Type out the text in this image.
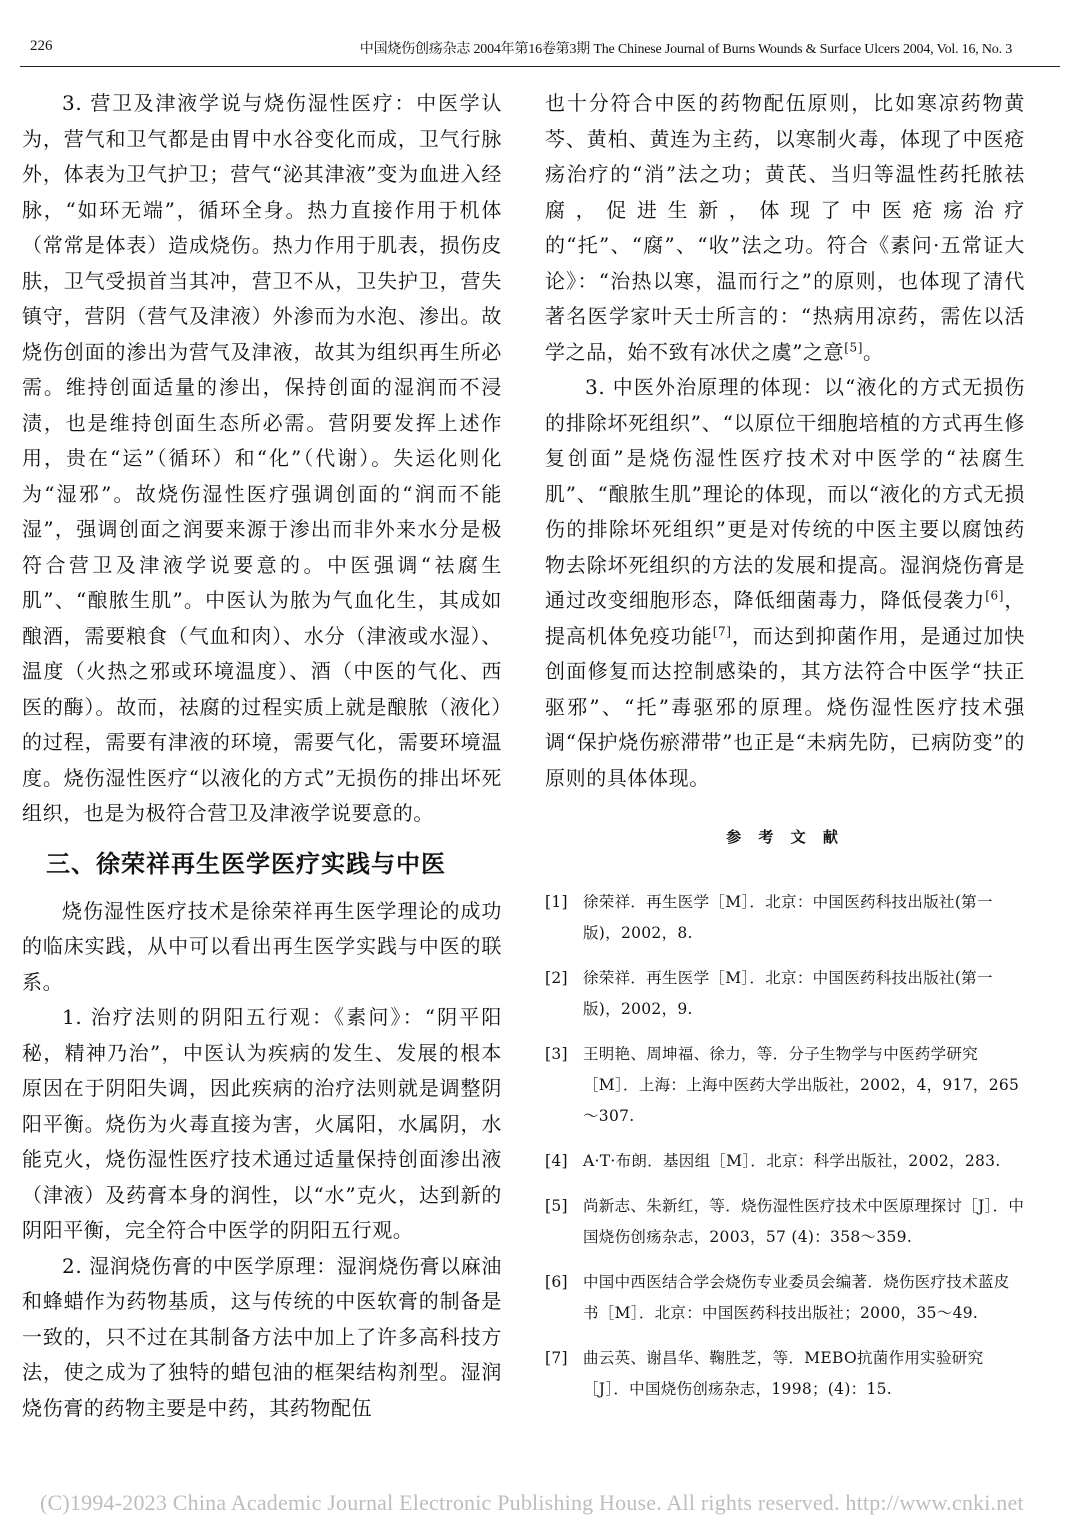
226	中国烧伤创疡杂志 2004年第16卷第3期 The Chinese Journal of Burns Wounds & Surface Ulcers 2004, Vol. 16, No. 3

3. 营卫及津液学说与烧伤湿性医疗：中医学认为，营气和卫气都是由胃中水谷变化而成，卫气行脉外，体表为卫气护卫；营气“泌其津液”变为血进入经脉，“如环无端”，循环全身。热力直接作用于机体（常常是体表）造成烧伤。热力作用于肌表，损伤皮肤，卫气受损首当其冲，营卫不从，卫失护卫，营失镇守，营阴（营气及津液）外渗而为水泡、渗出。故烧伤创面的渗出为营气及津液，故其为组织再生所必需。维持创面适量的渗出，保持创面的湿润而不浸渍，也是维持创面生态所必需。营阴要发挥上述作用，贵在“运”（循环）和“化”（代谢）。失运化则化为“湿邪”。故烧伤湿性医疗强调创面的“润而不能湿”，强调创面之润要来源于渗出而非外来水分是极符合营卫及津液学说要意的。中医强调“祛腐生肌”、“酿脓生肌”。中医认为脓为气血化生，其成如酿酒，需要粮食（气血和肉）、水分（津液或水湿）、温度（火热之邪或环境温度）、酒（中医的气化、西医的酶）。故而，祛腐的过程实质上就是酿脓（液化）的过程，需要有津液的环境，需要气化，需要环境温度。烧伤湿性医疗“以液化的方式”无损伤的排出坏死组织，也是为极符合营卫及津液学说要意的。

三、徐荣祥再生医学医疗实践与中医

烧伤湿性医疗技术是徐荣祥再生医学理论的成功的临床实践，从中可以看出再生医学实践与中医的联系。

1. 治疗法则的阴阳五行观：《素问》：“阴平阳秘，精神乃治”，中医认为疾病的发生、发展的根本原因在于阴阳失调，因此疾病的治疗法则就是调整阴阳平衡。烧伤为火毒直接为害，火属阳，水属阴，水能克火，烧伤湿性医疗技术通过适量保持创面渗出液（津液）及药膏本身的润性，以“水”克火，达到新的阴阳平衡，完全符合中医学的阴阳五行观。

2. 湿润烧伤膏的中医学原理：湿润烧伤膏以麻油和蜂蜡作为药物基质，这与传统的中医软膏的制备是一致的，只不过在其制备方法中加上了许多高科技方法，使之成为了独特的蜡包油的框架结构剂型。湿润烧伤膏的药物主要是中药，其药物配伍

也十分符合中医的药物配伍原则，比如寒凉药物黄芩、黄柏、黄连为主药，以寒制火毒，体现了中医疮疡治疗的“消”法之功；黄芪、当归等温性药托脓祛腐，促进生新，体现了中医疮疡治疗的“托”、“腐”、“收”法之功。符合《素问·五常证大论》：“治热以寒，温而行之”的原则，也体现了清代著名医学家叶天士所言的：“热病用凉药，需佐以活学之品，始不致有冰伏之虞”之意[5]。

3. 中医外治原理的体现：以“液化的方式无损伤的排除坏死组织”、“以原位干细胞培植的方式再生修复创面”是烧伤湿性医疗技术对中医学的“祛腐生肌”、“酿脓生肌”理论的体现，而以“液化的方式无损伤的排除坏死组织”更是对传统的中医主要以腐蚀药物去除坏死组织的方法的发展和提高。湿润烧伤膏是通过改变细胞形态，降低细菌毒力，降低侵袭力[6]，提高机体免疫功能[7]，而达到抑菌作用，是通过加快创面修复而达控制感染的，其方法符合中医学“扶正驱邪”、“托”毒驱邪的原理。烧伤湿性医疗技术强调“保护烧伤瘀滞带”也正是“未病先防，已病防变”的原则的具体体现。

参 考 文 献
[1] 徐荣祥．再生医学［M］．北京：中国医药科技出版社(第一版)，2002，8.
[2] 徐荣祥．再生医学［M］．北京：中国医药科技出版社(第一版)，2002，9.
[3] 王明艳、周坤福、徐力，等．分子生物学与中医药学研究［M］．上海：上海中医药大学出版社，2002，4，917，265～307.
[4] A·T·布朗．基因组［M］．北京：科学出版社，2002，283.
[5] 尚新志、朱新红，等．烧伤湿性医疗技术中医原理探讨［J］．中国烧伤创疡杂志，2003，57 (4)：358～359.
[6] 中国中西医结合学会烧伤专业委员会编著．烧伤医疗技术蓝皮书［M］．北京：中国医药科技出版社；2000，35～49.
[7] 曲云英、谢昌华、鞠胜芝，等．MEBO抗菌作用实验研究［J］．中国烧伤创疡杂志，1998；(4)：15.
(C)1994-2023 China Academic Journal Electronic Publishing House. All rights reserved. http://www.cnki.net
